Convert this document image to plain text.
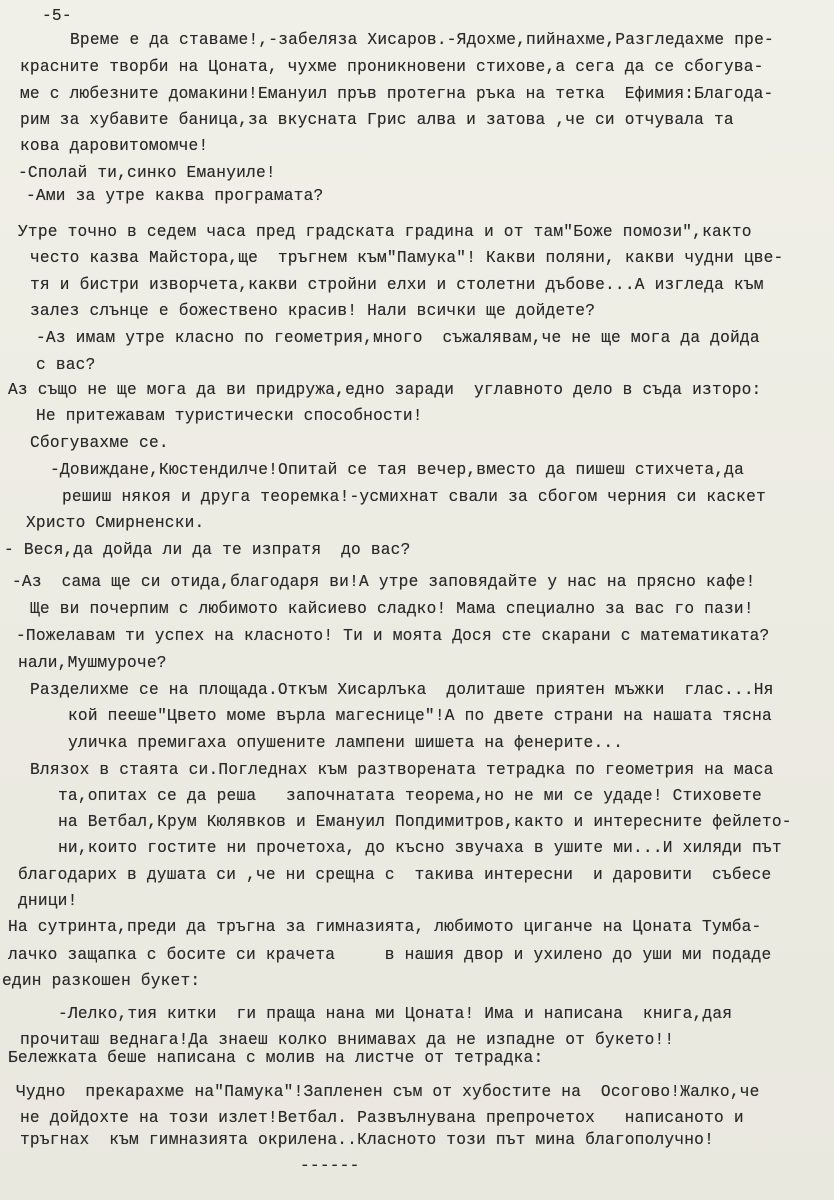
-5-
Време е да ставаме!,-забеляза Хисаров.-Ядохме,пийнахме,Разгледахме пре-
красните творби на Цоната, чухме проникновени стихове,а сега да се сбогува-
ме с любезните домакини!Емануил пръв протегна ръка на тетка  Ефимия:Благода-
рим за хубавите баница,за вкусната Грис алва и затова ,че си отчувала та
кова даровитомомче!
-Сполай ти,синко Емануиле!
-Ами за утре каква програмата?
Утре точно в седем часа пред градската градина и от там"Боже помози",както
често казва Майстора,ще  тръгнем към"Памука"! Какви поляни, какви чудни цве-
тя и бистри изворчета,какви стройни елхи и столетни дъбове...А изгледа към
залез слънце е божествено красив! Нали всички ще дойдете?
-Аз имам утре класно по геометрия,много  съжалявам,че не ще мога да дойда
с вас?
Аз също не ще мога да ви придружа,едно заради  углавното дело в съда изторо:
Не притежавам туристически способности!
Сбогувахме се.
-Довиждане,Кюстендилче!Опитай се тая вечер,вместо да пишеш стихчета,да
решиш някоя и друга теоремка!-усмихнат свали за сбогом черния си каскет
Христо Смирненски.
- Веся,да дойда ли да те изпратя  до вас?
-Аз  сама ще си отида,благодаря ви!А утре заповядайте у нас на прясно кафе!
Ще ви почерпим с любимото кайсиево сладко! Мама специално за вас го пази!
-Пожелавам ти успех на класното! Ти и моята Дося сте скарани с математиката?
нали,Мушмуроче?
Разделихме се на площада.Откъм Хисарлъка  долиташе приятен мъжки  глас...Ня
кой пееше"Цвето моме върла магеснице"!А по двете страни на нашата тясна
уличка премигаха опушените лампени шишета на фенерите...
Влязох в стаята си.Погледнах към разтворената тетрадка по геометрия на маса
та,опитах се да реша   започнатата теорема,но не ми се удаде! Стиховете
на Ветбал,Крум Кюлявков и Емануил Попдимитров,както и интересните фейлето-
ни,които гостите ни прочетоха, до късно звучаха в ушите ми...И хиляди път
благодарих в душата си ,че ни срещна с  такива интересни  и даровити  събесе
дници!
На сутринта,преди да тръгна за гимназията, любимото циганче на Цоната Тумба-
лачко защапка с босите си крачета     в нашия двор и ухилено до уши ми подаде
един разкошен букет:
-Лелко,тия китки  ги праща нана ми Цоната! Има и написана  книга,дая
прочиташ веднага!Да знаеш колко внимавах да не изпадне от букето!!
Бележката беше написана с молив на листче от тетрадка:
Чудно  прекарахме на"Памука"!Запленен съм от хубостите на  Осогово!Жалко,че
не дойдохте на този излет!Ветбал. Развълнувана препрочетох   написаното и
тръгнах  към гимназията окрилена..Класното този път мина благополучно!
------
